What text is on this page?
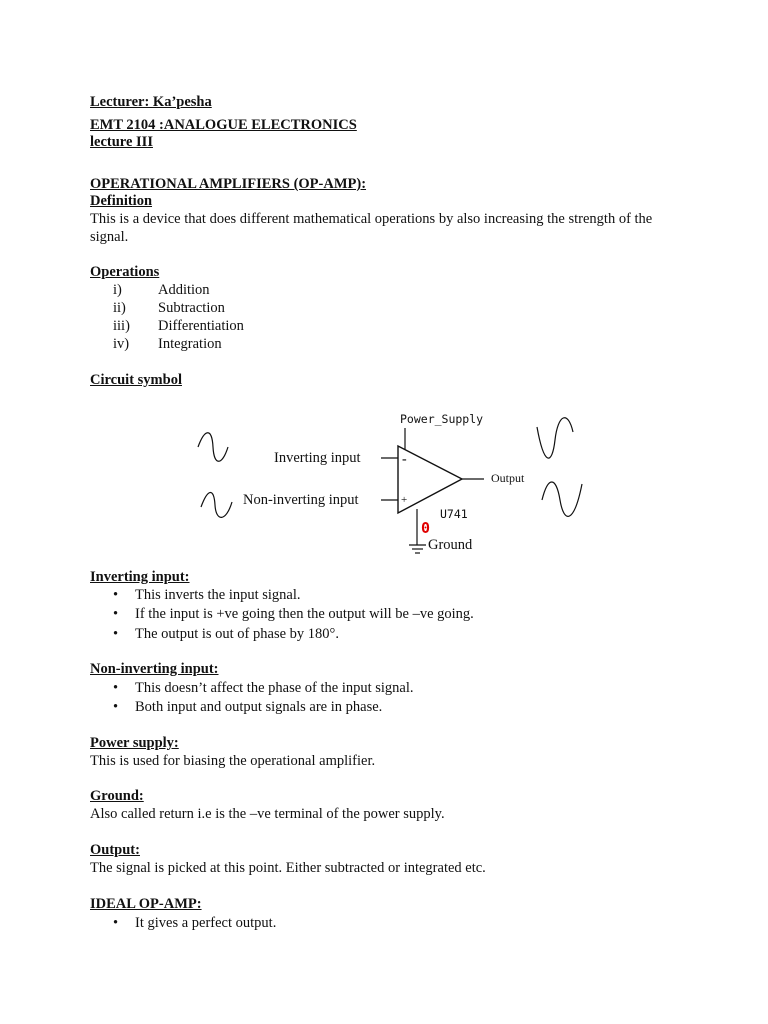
Lecturer: Ka’pesha
EMT 2104 :ANALOGUE ELECTRONICS
lecture III
OPERATIONAL AMPLIFIERS (OP-AMP):
Definition
This is a device that does different mathematical operations by also increasing the strength of the signal.
Operations
i) Addition
ii) Subtraction
iii) Differentiation
iv) Integration
Circuit symbol
Power_Supply
Inverting input
Non-inverting input
-
+
Output
U741
0
Ground
Inverting input:
This inverts the input signal.
If the input is +ve going then the output will be –ve going.
The output is out of phase by 180°.
Non-inverting input:
This doesn’t affect the phase of the input signal.
Both input and output signals are in phase.
Power supply:
This is used for biasing the operational amplifier.
Ground:
Also called return i.e is the –ve terminal of the power supply.
Output:
The signal is picked at this point. Either subtracted or integrated etc.
IDEAL OP-AMP:
It gives a perfect output.
